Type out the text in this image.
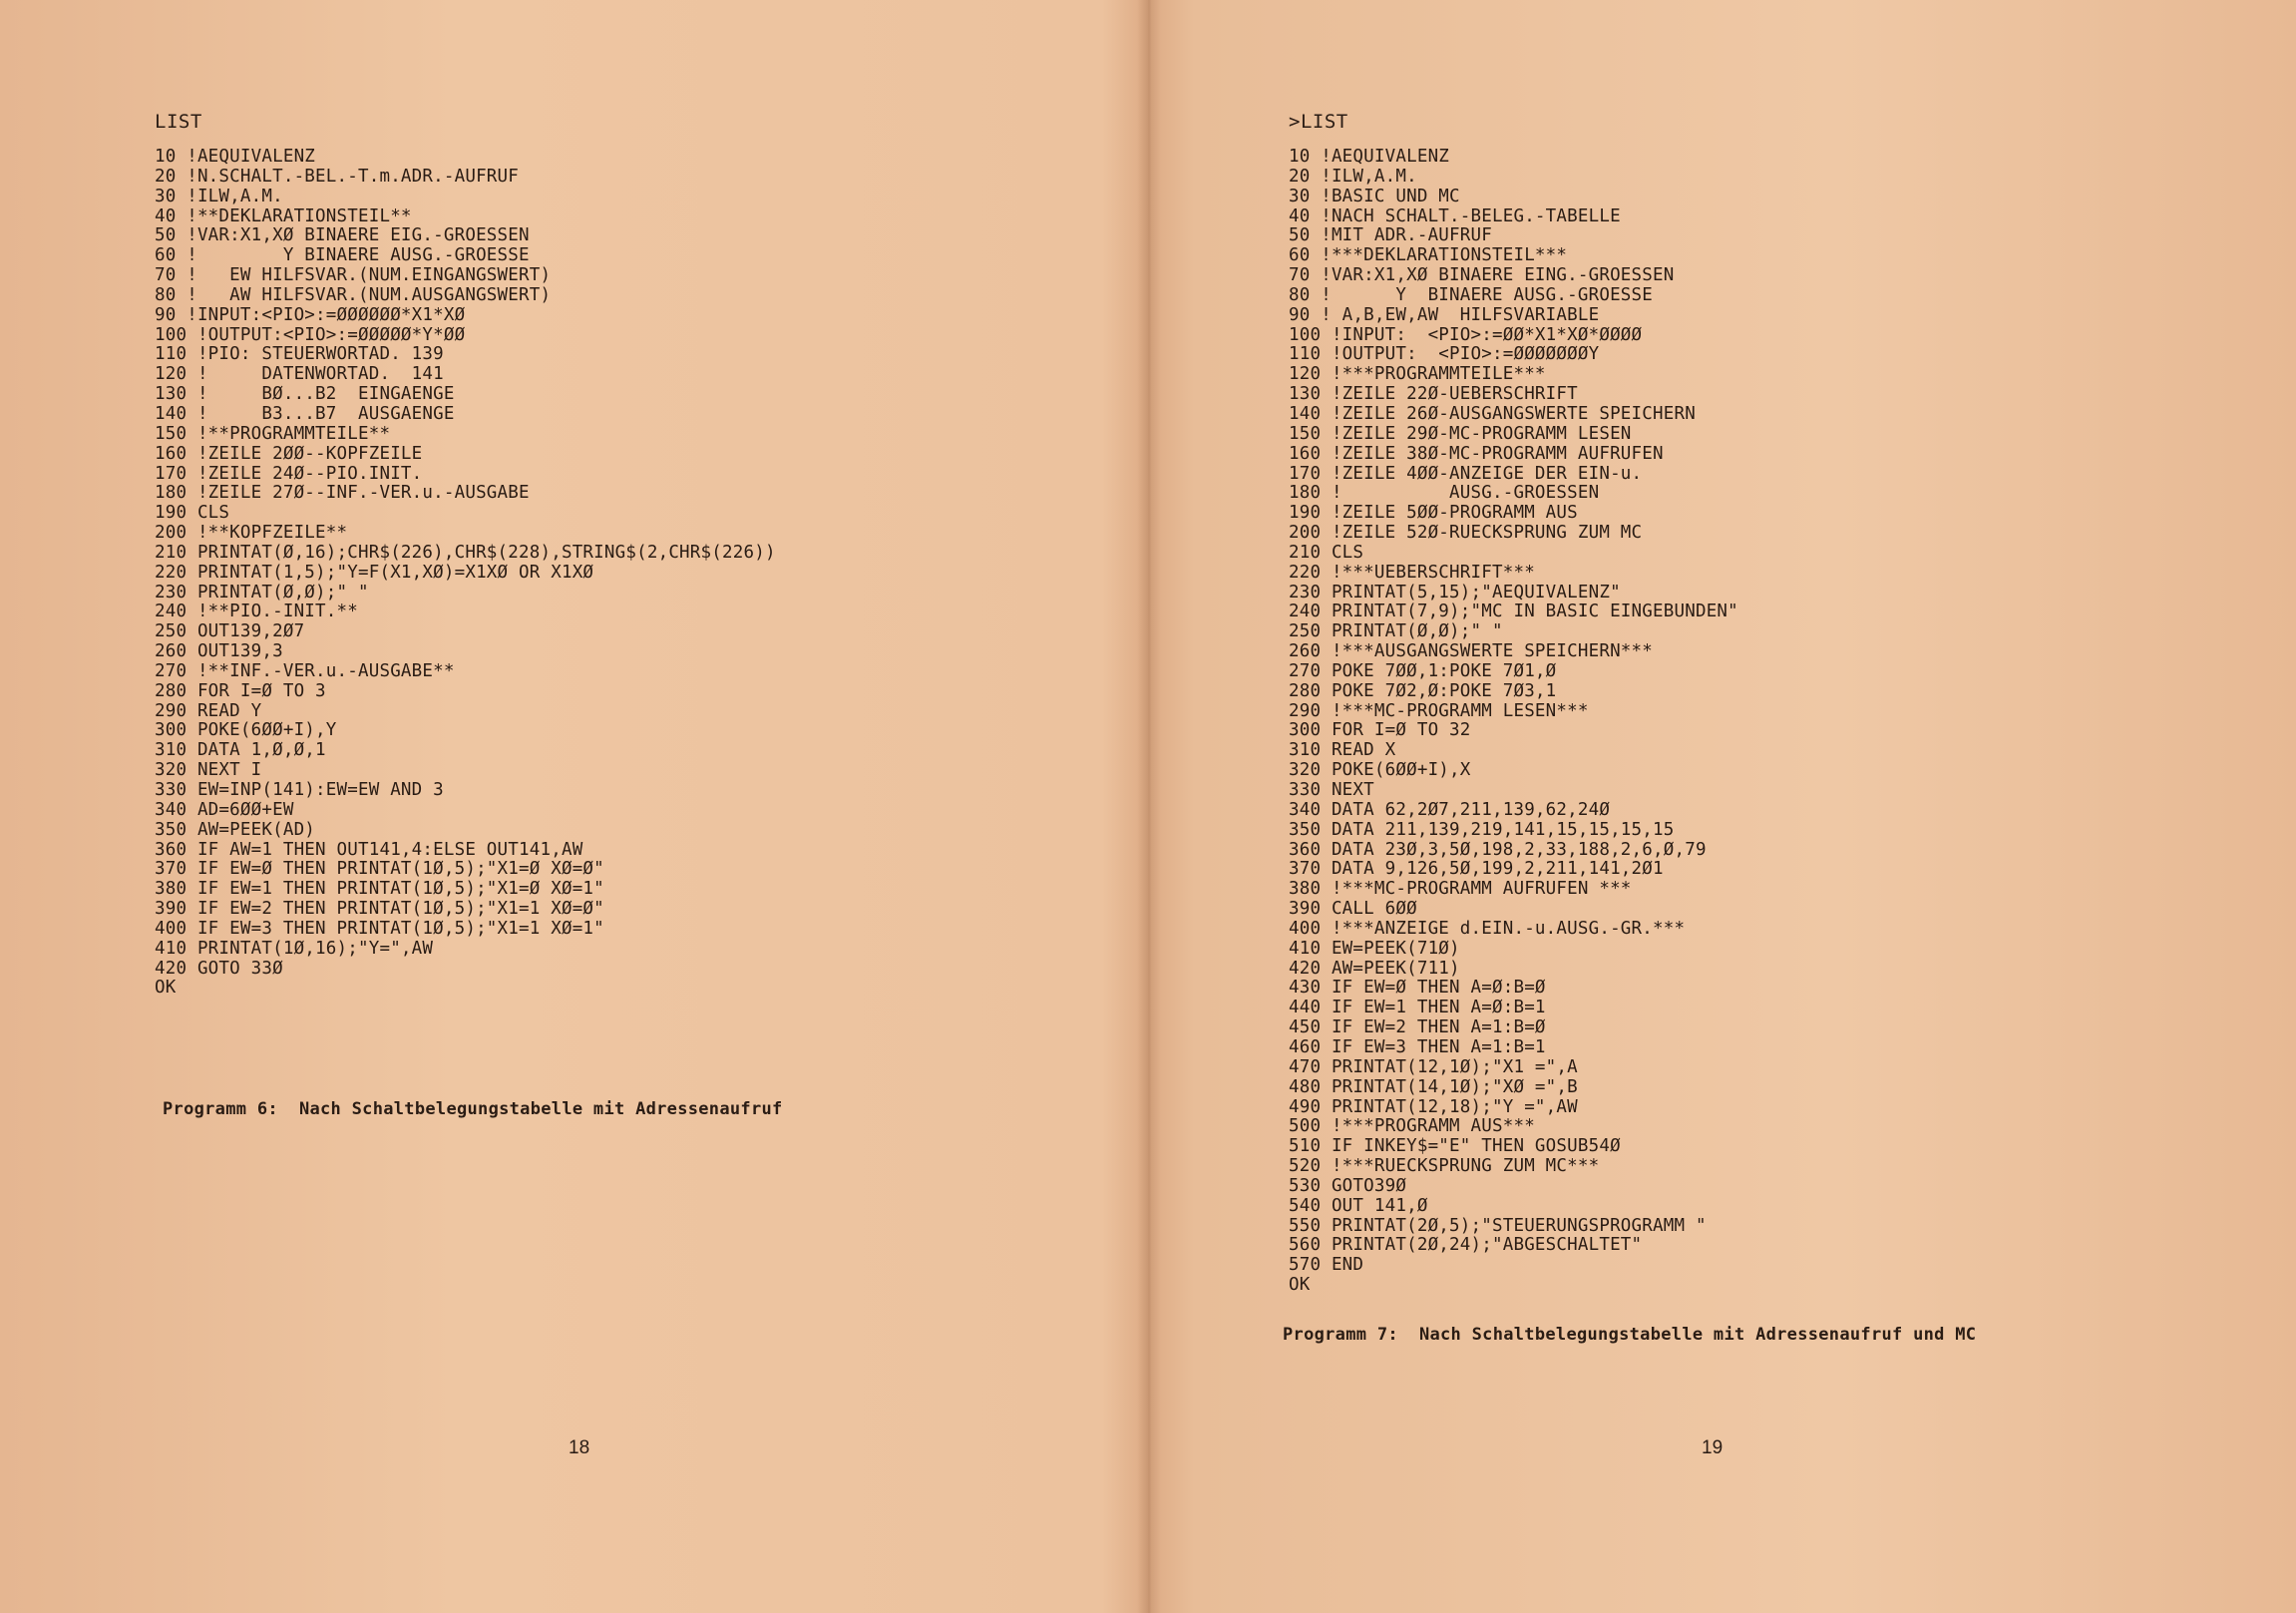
LIST
10 !AEQUIVALENZ
20 !N.SCHALT.-BEL.-T.m.ADR.-AUFRUF
30 !ILW,A.M.
40 !**DEKLARATIONSTEIL**
50 !VAR:X1,XØ BINAERE EIG.-GROESSEN
60 !        Y BINAERE AUSG.-GROESSE
70 !   EW HILFSVAR.(NUM.EINGANGSWERT)
80 !   AW HILFSVAR.(NUM.AUSGANGSWERT)
90 !INPUT:<PIO>:=ØØØØØØ*X1*XØ
100 !OUTPUT:<PIO>:=ØØØØØ*Y*ØØ
110 !PIO: STEUERWORTAD. 139
120 !     DATENWORTAD.  141
130 !     BØ...B2  EINGAENGE
140 !     B3...B7  AUSGAENGE
150 !**PROGRAMMTEILE**
160 !ZEILE 2ØØ--KOPFZEILE
170 !ZEILE 24Ø--PIO.INIT.
180 !ZEILE 27Ø--INF.-VER.u.-AUSGABE
190 CLS
200 !**KOPFZEILE**
210 PRINTAT(Ø,16);CHR$(226),CHR$(228),STRING$(2,CHR$(226))
220 PRINTAT(1,5);"Y=F(X1,XØ)=X1XØ OR X1XØ
230 PRINTAT(Ø,Ø);" "
240 !**PIO.-INIT.**
250 OUT139,2Ø7
260 OUT139,3
270 !**INF.-VER.u.-AUSGABE**
280 FOR I=Ø TO 3
290 READ Y
300 POKE(6ØØ+I),Y
310 DATA 1,Ø,Ø,1
320 NEXT I
330 EW=INP(141):EW=EW AND 3
340 AD=6ØØ+EW
350 AW=PEEK(AD)
360 IF AW=1 THEN OUT141,4:ELSE OUT141,AW
370 IF EW=Ø THEN PRINTAT(1Ø,5);"X1=Ø XØ=Ø"
380 IF EW=1 THEN PRINTAT(1Ø,5);"X1=Ø XØ=1"
390 IF EW=2 THEN PRINTAT(1Ø,5);"X1=1 XØ=Ø"
400 IF EW=3 THEN PRINTAT(1Ø,5);"X1=1 XØ=1"
410 PRINTAT(1Ø,16);"Y=",AW
420 GOTO 33Ø
OK
Programm 6:  Nach Schaltbelegungstabelle mit Adressenaufruf
18
>LIST
10 !AEQUIVALENZ
20 !ILW,A.M.
30 !BASIC UND MC
40 !NACH SCHALT.-BELEG.-TABELLE
50 !MIT ADR.-AUFRUF
60 !***DEKLARATIONSTEIL***
70 !VAR:X1,XØ BINAERE EING.-GROESSEN
80 !      Y  BINAERE AUSG.-GROESSE
90 ! A,B,EW,AW  HILFSVARIABLE
100 !INPUT:  <PIO>:=ØØ*X1*XØ*ØØØØ
110 !OUTPUT:  <PIO>:=ØØØØØØØY
120 !***PROGRAMMTEILE***
130 !ZEILE 22Ø-UEBERSCHRIFT
140 !ZEILE 26Ø-AUSGANGSWERTE SPEICHERN
150 !ZEILE 29Ø-MC-PROGRAMM LESEN
160 !ZEILE 38Ø-MC-PROGRAMM AUFRUFEN
170 !ZEILE 4ØØ-ANZEIGE DER EIN-u.
180 !          AUSG.-GROESSEN
190 !ZEILE 5ØØ-PROGRAMM AUS
200 !ZEILE 52Ø-RUECKSPRUNG ZUM MC
210 CLS
220 !***UEBERSCHRIFT***
230 PRINTAT(5,15);"AEQUIVALENZ"
240 PRINTAT(7,9);"MC IN BASIC EINGEBUNDEN"
250 PRINTAT(Ø,Ø);" "
260 !***AUSGANGSWERTE SPEICHERN***
270 POKE 7ØØ,1:POKE 7Ø1,Ø
280 POKE 7Ø2,Ø:POKE 7Ø3,1
290 !***MC-PROGRAMM LESEN***
300 FOR I=Ø TO 32
310 READ X
320 POKE(6ØØ+I),X
330 NEXT
340 DATA 62,2Ø7,211,139,62,24Ø
350 DATA 211,139,219,141,15,15,15,15
360 DATA 23Ø,3,5Ø,198,2,33,188,2,6,Ø,79
370 DATA 9,126,5Ø,199,2,211,141,2Ø1
380 !***MC-PROGRAMM AUFRUFEN ***
390 CALL 6ØØ
400 !***ANZEIGE d.EIN.-u.AUSG.-GR.***
410 EW=PEEK(71Ø)
420 AW=PEEK(711)
430 IF EW=Ø THEN A=Ø:B=Ø
440 IF EW=1 THEN A=Ø:B=1
450 IF EW=2 THEN A=1:B=Ø
460 IF EW=3 THEN A=1:B=1
470 PRINTAT(12,1Ø);"X1 =",A
480 PRINTAT(14,1Ø);"XØ =",B
490 PRINTAT(12,18);"Y =",AW
500 !***PROGRAMM AUS***
510 IF INKEY$="E" THEN GOSUB54Ø
520 !***RUECKSPRUNG ZUM MC***
530 GOTO39Ø
540 OUT 141,Ø
550 PRINTAT(2Ø,5);"STEUERUNGSPROGRAMM "
560 PRINTAT(2Ø,24);"ABGESCHALTET"
570 END
OK
Programm 7:  Nach Schaltbelegungstabelle mit Adressenaufruf und MC
19
